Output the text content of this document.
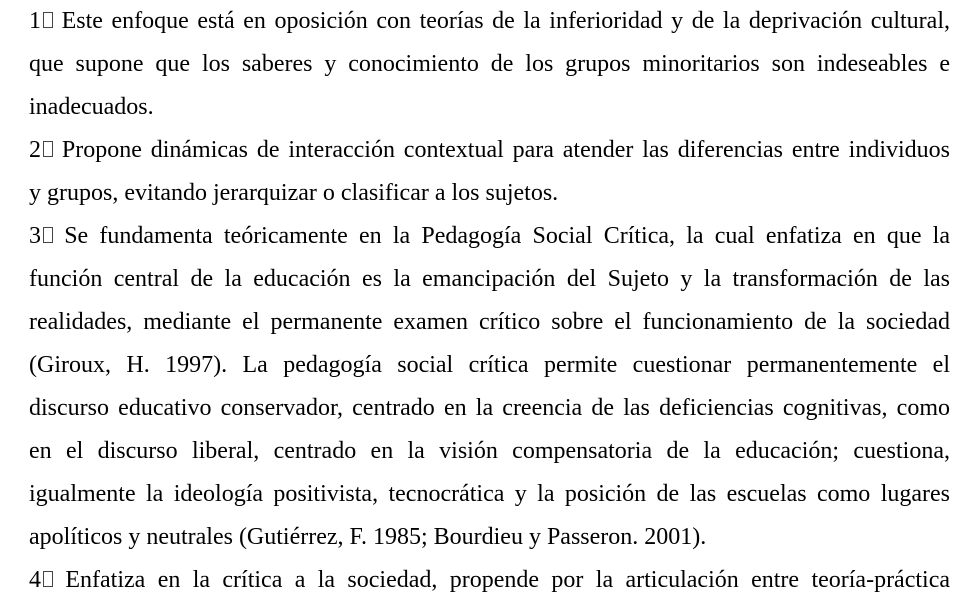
1 Este enfoque está en oposición con teorías de la inferioridad y de la deprivación cultural,
que supone que los saberes y conocimiento de los grupos minoritarios son indeseables e
inadecuados.
2 Propone dinámicas de interacción contextual para atender las diferencias entre individuos
y grupos, evitando jerarquizar o clasificar a los sujetos.
3 Se fundamenta teóricamente en la Pedagogía Social Crítica, la cual enfatiza en que la
función central de la educación es la emancipación del Sujeto y la transformación de las
realidades, mediante el permanente examen crítico sobre el funcionamiento de la sociedad
(Giroux, H. 1997). La pedagogía social crítica permite cuestionar permanentemente el
discurso educativo conservador, centrado en la creencia de las deficiencias cognitivas, como
en el discurso liberal, centrado en la visión compensatoria de la educación; cuestiona,
igualmente la ideología positivista, tecnocrática y la posición de las escuelas como lugares
apolíticos y neutrales (Gutiérrez, F. 1985; Bourdieu y Passeron. 2001).
4 Enfatiza en la crítica a la sociedad, propende por la articulación entre teoría-práctica
